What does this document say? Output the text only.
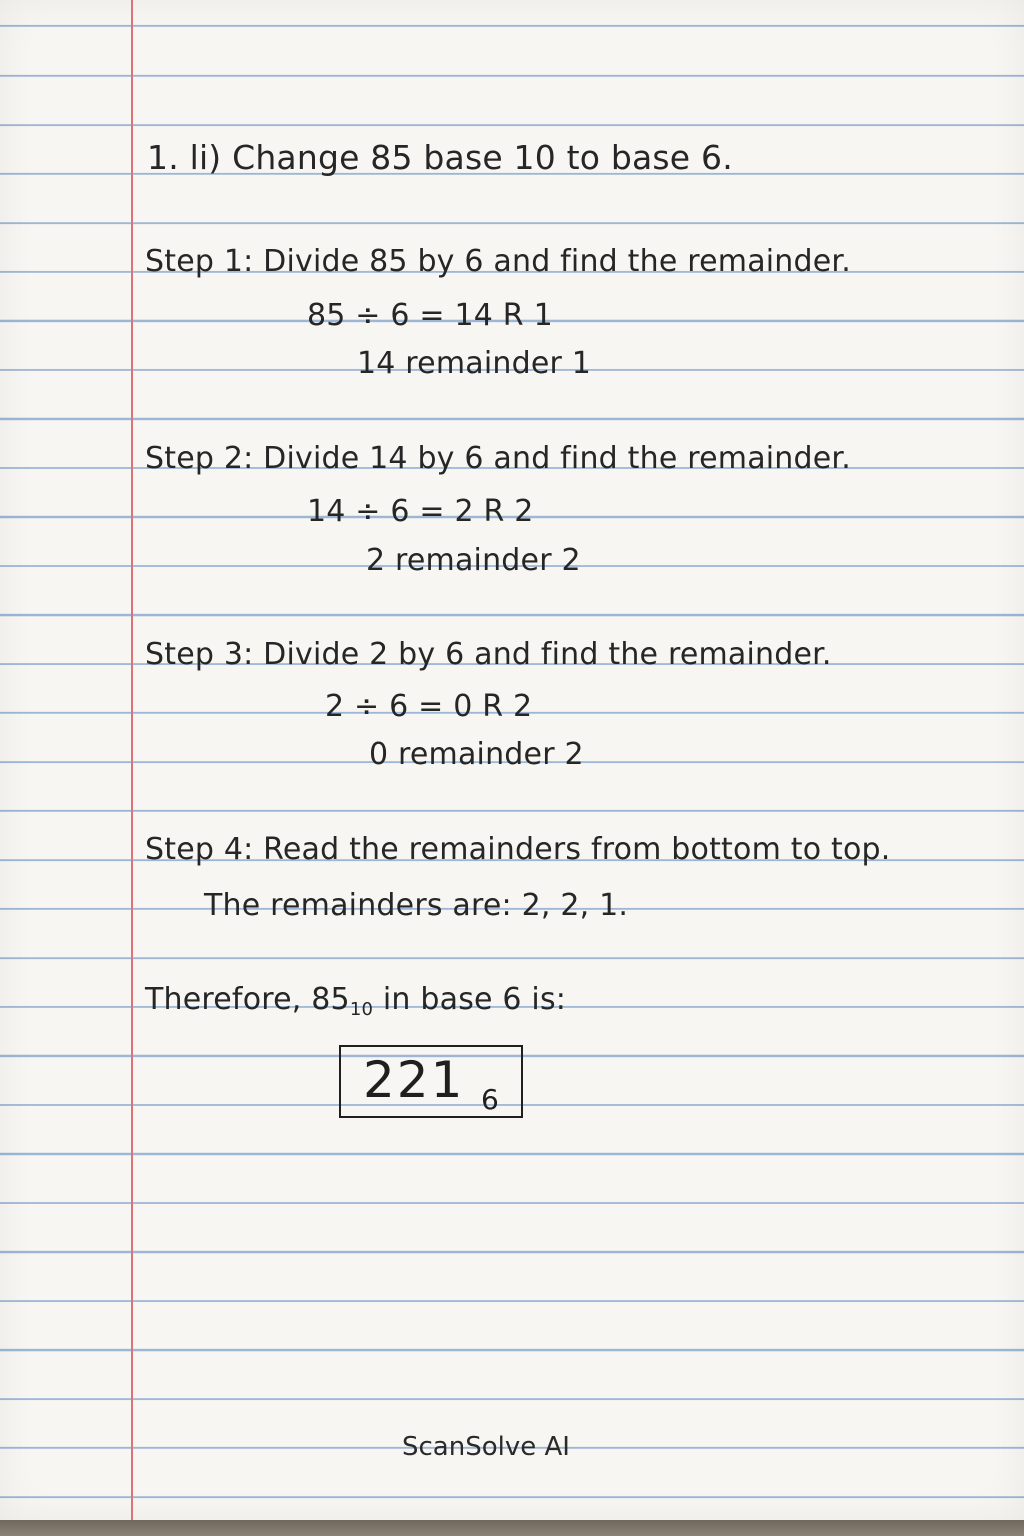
1. li) Change 85 base 10 to base 6.
Step 1: Divide 85 by 6 and find the remainder.
85 ÷ 6 = 14 R 1
14 remainder 1
Step 2: Divide 14 by 6 and find the remainder.
14 ÷ 6 = 2 R 2
2 remainder 2
Step 3: Divide 2 by 6 and find the remainder.
2 ÷ 6 = 0 R 2
0 remainder 2
Step 4: Read the remainders from bottom to top.
The remainders are: 2, 2, 1.
Therefore, $85_{10}$ in base 6 is:
221 6
ScanSolve AI
